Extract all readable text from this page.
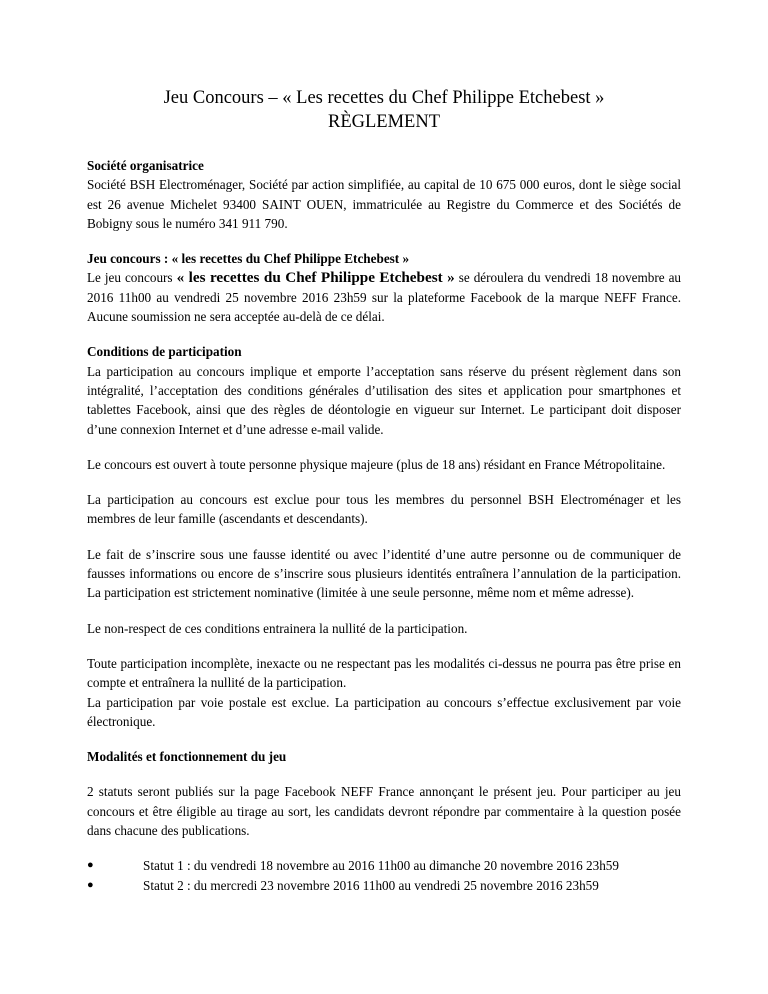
Jeu Concours – « Les recettes du Chef Philippe Etchebest »
RÈGLEMENT
Société organisatrice

Société BSH Electroménager, Société par action simplifiée, au capital de 10 675 000 euros, dont le siège social est 26 avenue Michelet 93400 SAINT OUEN, immatriculée au Registre du Commerce et des Sociétés de Bobigny sous le numéro 341 911 790.

Jeu concours : « les recettes du Chef Philippe Etchebest »

Le jeu concours « les recettes du Chef Philippe Etchebest » se déroulera du vendredi 18 novembre au 2016 11h00 au vendredi 25 novembre 2016 23h59 sur la plateforme Facebook de la marque NEFF France. Aucune soumission ne sera acceptée au-delà de ce délai.

Conditions de participation

La participation au concours implique et emporte l’acceptation sans réserve du présent règlement dans son intégralité, l’acceptation des conditions générales d’utilisation des sites et application pour smartphones et tablettes Facebook, ainsi que des règles de déontologie en vigueur sur Internet. Le participant doit disposer d’une connexion Internet et d’une adresse e-mail valide.

Le concours est ouvert à toute personne physique majeure (plus de 18 ans) résidant en France Métropolitaine.

La participation au concours est exclue pour tous les membres du personnel BSH Electroménager et les membres de leur famille (ascendants et descendants).

Le fait de s’inscrire sous une fausse identité ou avec l’identité d’une autre personne ou de communiquer de fausses informations ou encore de s’inscrire sous plusieurs identités entraînera l’annulation de la participation. La participation est strictement nominative (limitée à une seule personne, même nom et même adresse).

Le non-respect de ces conditions entrainera la nullité de la participation.

Toute participation incomplète, inexacte ou ne respectant pas les modalités ci-dessus ne pourra pas être prise en compte et entraînera la nullité de la participation.

La participation par voie postale est exclue. La participation au concours s’effectue exclusivement par voie électronique.

Modalités et fonctionnement du jeu

2 statuts seront publiés sur la page Facebook NEFF France annonçant le présent jeu. Pour participer au jeu concours et être éligible au tirage au sort, les candidats devront répondre par commentaire à la question posée dans chacune des publications.

●	Statut 1 : du vendredi 18 novembre au 2016 11h00 au dimanche 20 novembre 2016 23h59
●	Statut 2 : du mercredi 23 novembre 2016 11h00 au vendredi 25 novembre 2016 23h59
